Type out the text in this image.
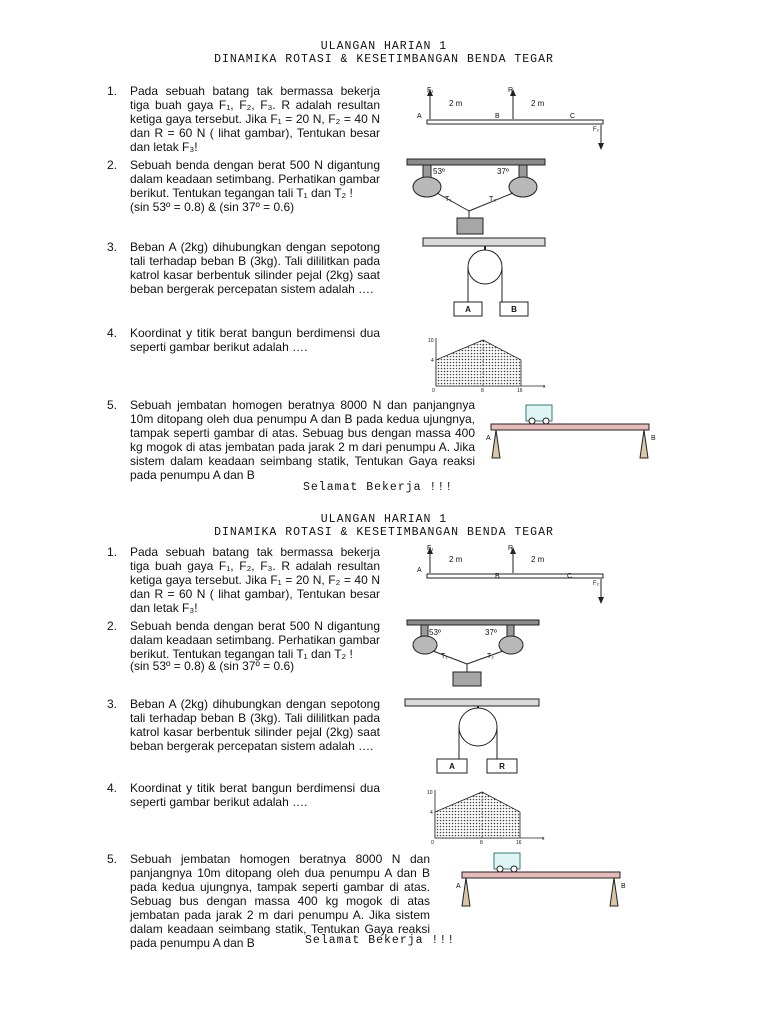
ULANGAN HARIAN 1
DINAMIKA ROTASI & KESETIMBANGAN BENDA TEGAR
1.	Pada sebuah batang tak bermassa bekerja tiga buah gaya F₁, F₂, F₃. R adalah resultan ketiga gaya tersebut. Jika F₁ = 20 N, F₂ = 40 N dan R = 60 N ( lihat gambar), Tentukan besar dan letak F₃!
F₁	R
2 m	2 m
A	B	C
F₂
2.	Sebuah benda dengan berat 500 N digantung dalam keadaan setimbang. Perhatikan gambar berikut. Tentukan tegangan tali T₁ dan T₂ !
(sin 53º = 0.8) & (sin 37º = 0.6)
53º	37º
T₁	T₂
3.	Beban A (2kg) dihubungkan dengan sepotong tali terhadap beban B (3kg). Tali dililitkan pada katrol kasar berbentuk silinder pejal (2kg) saat beban bergerak percepatan sistem adalah ….
A	B
4.	Koordinat y titik berat bangun berdimensi dua seperti gambar berikut adalah ….	10
4
0	8	16
x
5.	Sebuah jembatan homogen beratnya 8000 N dan panjangnya 10m ditopang oleh dua penumpu A dan B pada kedua ujungnya, tampak seperti gambar di atas. Sebuag bus dengan massa 400 kg mogok di atas jembatan pada jarak 2 m dari penumpu A. Jika sistem dalam keadaan seimbang statik, Tentukan Gaya reaksi pada penumpu A dan B
A	B
Selamat Bekerja !!!
ULANGAN HARIAN 1
DINAMIKA ROTASI & KESETIMBANGAN BENDA TEGAR
1.	Pada sebuah batang tak bermassa bekerja tiga buah gaya F₁, F₂, F₃. R adalah resultan ketiga gaya tersebut. Jika F₁ = 20 N, F₂ = 40 N dan R = 60 N ( lihat gambar), Tentukan besar dan letak F₃!
F₁	R
2 m	2 m
A
B	C
F₂
2.	Sebuah benda dengan berat 500 N digantung dalam keadaan setimbang. Perhatikan gambar berikut. Tentukan tegangan tali T₁ dan T₂ !
(sin 53º = 0.8) & (sin 37º = 0.6)
53º	37º
T₁	T₂
3.	Beban A (2kg) dihubungkan dengan sepotong tali terhadap beban B (3kg). Tali dililitkan pada katrol kasar berbentuk silinder pejal (2kg) saat beban bergerak percepatan sistem adalah ….
A	R
4.	Koordinat y titik berat bangun berdimensi dua seperti gambar berikut adalah ….
10
4
0	8	16
x
5.	Sebuah jembatan homogen beratnya 8000 N dan panjangnya 10m ditopang oleh dua penumpu A dan B pada kedua ujungnya, tampak seperti gambar di atas. Sebuag bus dengan massa 400 kg mogok di atas jembatan pada jarak 2 m dari penumpu A. Jika sistem dalam keadaan seimbang statik, Tentukan Gaya reaksi pada penumpu A dan B
A	B
Selamat Bekerja !!!
